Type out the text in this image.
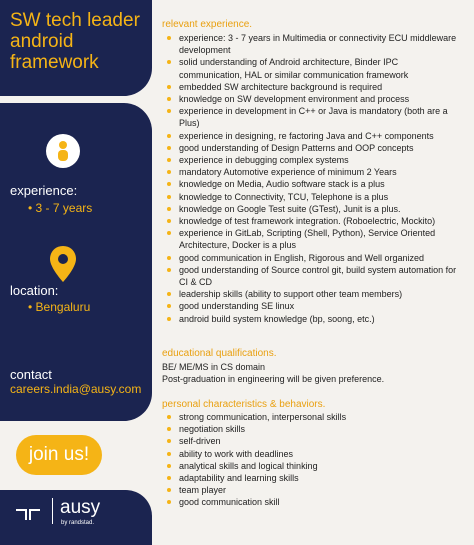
SW tech leader
android
framework
experience:
• 3 - 7 years
location:
• Bengaluru
contact
careers.india@ausy.com
join us!
ausy
by randstad.
relevant experience.
experience: 3 - 7 years in Multimedia or connectivity ECU middleware development
solid understanding of Android architecture, Binder IPC communication, HAL or similar communication framework
embedded SW architecture background is required
knowledge on SW development environment and process
experience in development in C++ or Java is mandatory (both are a Plus)
experience in designing, re factoring Java and C++ components
good understanding of Design Patterns and OOP concepts
experience in debugging complex systems
mandatory Automotive experience of minimum 2 Years
knowledge on Media, Audio software stack is a plus
knowledge to Connectivity, TCU, Telephone is a plus
knowledge on Google Test suite (GTest), Junit is a plus.
knowledge of test framework integration. (Roboelectric, Mockito)
experience in GitLab, Scripting (Shell, Python), Service Oriented Architecture, Docker is a plus
good communication in English, Rigorous and Well organized
good understanding of Source control git, build system automation for CI & CD
leadership skills (ability to support other team members)
good understanding SE linux
android build system knowledge (bp, soong, etc.)
educational qualifications.
BE/ ME/MS in CS domain
Post-graduation in engineering will be given preference.
personal characteristics & behaviors.
strong communication, interpersonal skills
negotiation skills
self-driven
ability to work with deadlines
analytical skills and logical thinking
adaptability and learning skills
team player
good communication skill
